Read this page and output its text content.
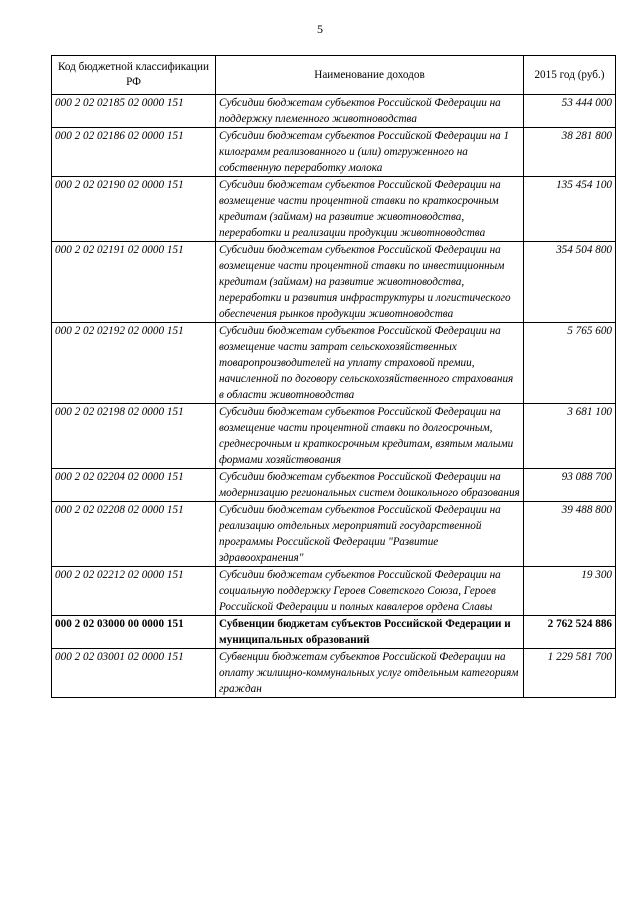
5
Код бюджетной классификации РФ	Наименование доходов	2015 год (руб.)
000 2 02 02185 02 0000 151	Субсидии бюджетам субъектов Российской Федерации на поддержку племенного животноводства	53 444 000
000 2 02 02186 02 0000 151	Субсидии бюджетам субъектов Российской Федерации на 1 килограмм реализованного и (или) отгруженного на собственную переработку молока	38 281 800
000 2 02 02190 02 0000 151	Субсидии бюджетам субъектов Российской Федерации на возмещение части процентной ставки по краткосрочным кредитам (займам) на развитие животноводства, переработки и реализации продукции животноводства	135 454 100
000 2 02 02191 02 0000 151	Субсидии бюджетам субъектов Российской Федерации на возмещение части процентной ставки по инвестиционным кредитам (займам) на развитие животноводства, переработки и развития инфраструктуры и логистического обеспечения рынков продукции животноводства	354 504 800
000 2 02 02192 02 0000 151	Субсидии бюджетам субъектов Российской Федерации на возмещение части затрат сельскохозяйственных товаропроизводителей на уплату страховой премии, начисленной по договору сельскохозяйственного страхования в области животноводства	5 765 600
000 2 02 02198 02 0000 151	Субсидии бюджетам субъектов Российской Федерации на возмещение части процентной ставки по долгосрочным, среднесрочным и краткосрочным кредитам, взятым малыми формами хозяйствования	3 681 100
000 2 02 02204 02 0000 151	Субсидии бюджетам субъектов Российской Федерации на модернизацию региональных систем дошкольного образования	93 088 700
000 2 02 02208 02 0000 151	Субсидии бюджетам субъектов Российской Федерации на реализацию отдельных мероприятий государственной программы Российской Федерации "Развитие здравоохранения"	39 488 800
000 2 02 02212 02 0000 151	Субсидии бюджетам субъектов Российской Федерации на социальную поддержку Героев Советского Союза, Героев Российской Федерации и полных кавалеров ордена Славы	19 300
000 2 02 03000 00 0000 151	Субвенции бюджетам субъектов Российской Федерации и муниципальных образований	2 762 524 886
000 2 02 03001 02 0000 151	Субвенции бюджетам субъектов Российской Федерации на оплату жилищно-коммунальных услуг отдельным категориям граждан	1 229 581 700
